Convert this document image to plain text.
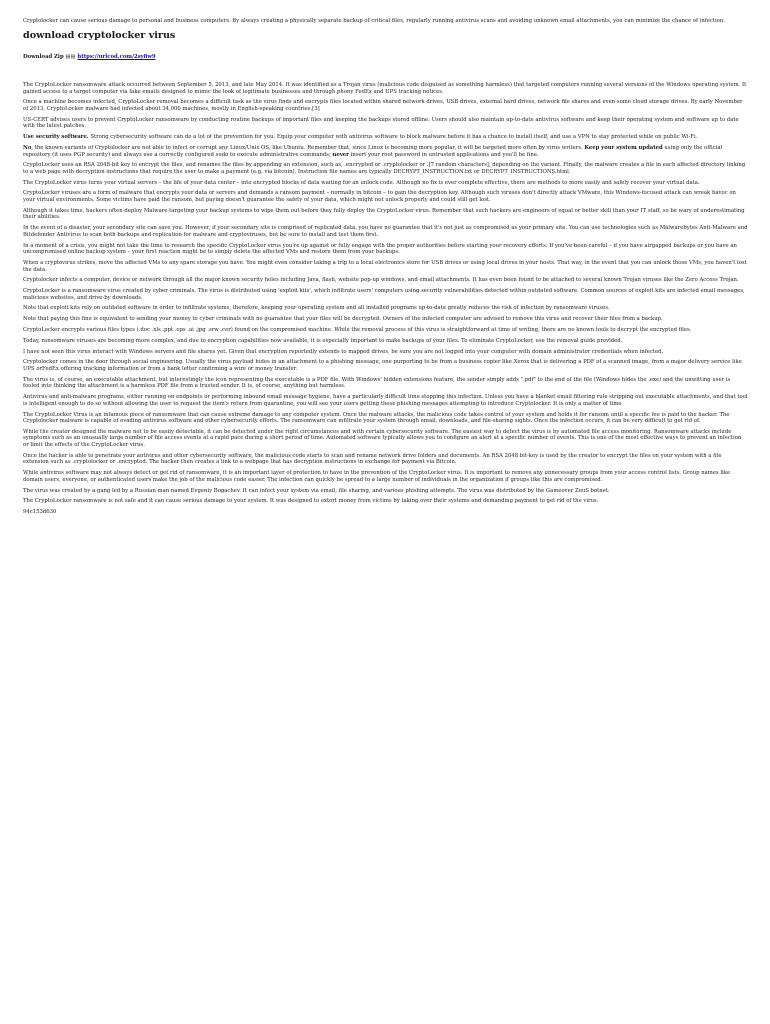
Cryptolocker can cause serious damage to personal and business computers. By always creating a physically separate backup of critical files, regularly running antivirus scans and avoiding unknown email attachments, you can minimize the chance of infection.

download cryptolocker virus

Download Zip ▤▤ https://urlcod.com/2sy8w9

The CryptoLocker ransomware attack occurred between September 5, 2013, and late May 2014. It was identified as a Trojan virus (malicious code disguised as something harmless) that targeted computers running several versions of the Windows operating system. It gained access to a target computer via fake emails designed to mimic the look of legitimate businesses and through phony FedEx and UPS tracking notices.

Once a machine becomes infected, CryptoLocker removal becomes a difficult task as the virus finds and encrypts files located within shared network drives, USB drives, external hard drives, network file shares and even some cloud storage drives. By early November of 2013, CryptoLocker malware had infected about 34,000 machines, mostly in English-speaking countries.[3]

US-CERT advises users to prevent CryptoLocker ransomware by conducting routine backups of important files and keeping the backups stored offline. Users should also maintain up-to-date antivirus software and keep their operating system and software up to date with the latest patches.

Use security software. Strong cybersecurity software can do a lot of the prevention for you. Equip your computer with antivirus software to block malware before it has a chance to install itself, and use a VPN to stay protected while on public Wi-Fi.

No, the known variants of Cryptolocker are not able to infect or corrupt any Linux/Unix OS, like Ubuntu. Remember that, since Linux is becoming more popular, it will be targeted more often by virus writers. Keep your system updated using only the official repository (it uses PGP security) and always use a correctly configured sudo to execute administrative commands; never insert your root password in untrusted applications and you'll be fine.

CryptoLocker uses an RSA 2048-bit key to encrypt the files, and renames the files by appending an extension, such as, .encrypted or .cryptolocker or .[7 random characters], depending on the variant. Finally, the malware creates a file in each affected directory linking to a web page with decryption instructions that require the user to make a payment (e.g. via bitcoin). Instruction file names are typically DECRYPT_INSTRUCTION.txt or DECRYPT_INSTRUCTIONS.html.

The CryptoLocker virus turns your virtual servers – the life of your data center – into encrypted blocks of data waiting for an unlock code. Although no fix is ever complete effective, there are methods to more easily and safely recover your virtual data.

CryptoLocker viruses are a form of malware that encrypts your data or servers and demands a ransom payment – normally in bitcoin – to gain the decryption key. Although such viruses don't directly attack VMware, this Windows-focused attack can wreak havoc on your virtual environments. Some victims have paid the ransom, but paying doesn't guarantee the safety of your data, which might not unlock properly and could still get lost.

Although it takes time, hackers often deploy Malware targeting your backup systems to wipe them out before they fully deploy the CryptoLocker virus. Remember that such hackers are engineers of equal or better skill than your IT staff, so be wary of underestimating their abilities.

In the event of a disaster, your secondary site can save you. However, if your secondary site is comprised of replicated data, you have no guarantee that it's not just as compromised as your primary site. You can use technologies such as Malwarebytes Anti-Malware and Bitdefender Antivirus to scan both backups and replication for malware and cryptoviruses, but be sure to install and test them first.

In a moment of a crisis, you might not take the time to research the specific CryptoLocker virus you're up against or fully engage with the proper authorities before starting your recovery efforts. If you've been careful – if you have airgapped backups or you have an uncompromised online backup system – your first reaction might be to simply delete the affected VMs and restore them from your backups.

When a cryptovirus strikes, move the affected VMs to any spare storage you have. You might even consider taking a trip to a local electronics store for USB drives or using local drives in your hosts. That way, in the event that you can unlock those VMs, you haven't lost the data.

Cryptolocker infects a computer, device or network through all the major known security holes including Java, flash, website pop-up windows, and email attachments. It has even been found to be attached to several known Trojan viruses like the Zero Access Trojan.

CryptoLocker is a ransomware virus created by cyber criminals. The virus is distributed using 'exploit kits', which infiltrate users' computers using security vulnerabilities detected within outdated software. Common sources of exploit kits are infected email messages, malicious websites, and drive-by downloads.

Note that exploit kits rely on outdated software in order to infiltrate systems, therefore, keeping your operating system and all installed programs up-to-date greatly reduces the risk of infection by ransomware viruses.

Note that paying this fine is equivalent to sending your money to cyber criminals with no guarantee that your files will be decrypted. Owners of the infected computer are advised to remove this virus and recover their files from a backup.

CryptoLocker encrypts various files types (.doc .xls .ppt .eps .ai .jpg .srw .cer) found on the compromised machine. While the removal process of this virus is straightforward at time of writing, there are no known tools to decrypt the encrypted files.

Today, ransomware viruses are becoming more complex, and due to encryption capabilities now available, it is especially important to make backups of your files. To eliminate CryptoLocker, use the removal guide provided.

I have not seen this virus interact with Windows servers and file shares yet. Given that encryption reportedly extends to mapped drives, be sure you are not logged into your computer with domain administrator credentials when infected.

Cryptolocker comes in the door through social engineering. Usually the virus payload hides in an attachment to a phishing message, one purporting to be from a business copier like Xerox that is delivering a PDF of a scanned image, from a major delivery service like UPS orFedEx offering tracking information or from a bank letter confirming a wire or money transfer.

The virus is, of course, an executable attachment, but interestingly the icon representing the executable is a PDF file. With Windows' hidden extensions feature, the sender simply adds ".pdf" to the end of the file (Windows hides the .exe) and the unwitting user is fooled into thinking the attachment is a harmless PDF file from a trusted sender. It is, of course, anything but harmless.

Antivirus and anti-malware programs, either running on endpoints or performing inbound email message hygiene, have a particularly difficult time stopping this infection. Unless you have a blanket email filtering rule stripping out executable attachments, and that tool is intelligent enough to do so without allowing the user to request the item's return from quarantine, you will see your users getting these phishing messages attempting to introduce Cryptolocker. It is only a matter of time.

The CryptoLocker Virus is an infamous piece of ransomware that can cause extreme damage to any computer system. Once the malware attacks, the malicious code takes control of your system and holds it for ransom until a specific fee is paid to the hacker. The Cryptolocker malware is capable of evading antivirus software and other cybersecurity efforts. The ransomware can infiltrate your system through email, downloads, and file-sharing sights. Once the infection occurs, it can be very difficult to get rid of.

While the creator designed the malware not to be easily detectable, it can be detected under the right circumstances and with certain cybersecurity software. The easiest way to detect the virus is by automated file access monitoring. Ransomware attacks include symptoms such as an unusually large number of file access events at a rapid pace during a short period of time. Automated software typically allows you to configure an alert at a specific number of events. This is one of the most effective ways to prevent an infection or limit the effects of the CryptoLocker virus.

Once the hacker is able to penetrate your antivirus and other cybersecurity software, the malicious code starts to scan and rename network drive folders and documents. An RSA 2048 bit-key is used by the creator to encrypt the files on your system with a file extension such as .cryptolocker or .encrypted. The hacker then creates a link to a webpage that has decryption instructions in exchange for payment via Bitcoin.

While antivirus software may not always detect or get rid of ransomware, it is an important layer of protection to have in the prevention of the CryptoLocker virus. It is important to remove any unnecessary groups from your access control lists. Group names like domain users, everyone, or authenticated users make the job of the malicious code easier. The infection can quickly be spread to a large number of individuals in the organization if groups like this are compromised.

The virus was created by a gang led by a Russian man named Evgeniy Bogachev. It can infect your system via email, file sharing, and various phishing attempts. The virus was distributed by the Gameover ZeuS botnet.

The CryptoLocker ransomware is not safe and it can cause serious damage to your system. It was designed to extort money from victims by taking over their systems and demanding payment to get rid of the virus.

94c153d630
